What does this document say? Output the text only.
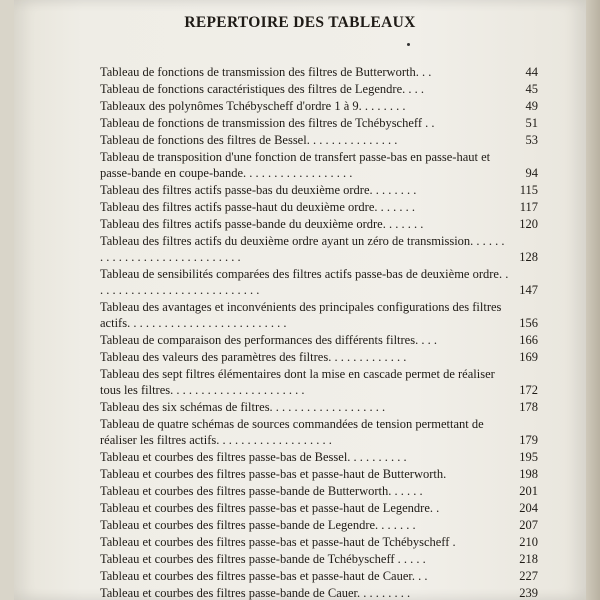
REPERTOIRE DES TABLEAUX
Tableau de fonctions de transmission des filtres de Butterworth. . .	44
Tableau de fonctions caractéristiques des filtres de Legendre. . . .	45
Tableaux des polynômes Tchébyscheff d'ordre 1 à 9. . . . . . . .	49
Tableau de fonctions de transmission des filtres de Tchébyscheff . .	51
Tableau de fonctions des filtres de Bessel. . . . . . . . . . . . . . .	53
Tableau de transposition d'une fonction de transfert passe-bas en passe-haut et passe-bande en coupe-bande. . . . . . . . . . . . . . . . . .	94
Tableau des filtres actifs passe-bas du deuxième ordre. . . . . . . .	115
Tableau des filtres actifs passe-haut du deuxième ordre. . . . . . .	117
Tableau des filtres actifs passe-bande du deuxième ordre. . . . . . .	120
Tableau des filtres actifs du deuxième ordre ayant un zéro de transmission. . . . . . . . . . . . . . . . . . . . . . . . . . . . .	128
Tableau de sensibilités comparées des filtres actifs passe-bas de deuxième ordre. . . . . . . . . . . . . . . . . . . . . . . . . . . .	147
Tableau des avantages et inconvénients des principales configurations des filtres actifs. . . . . . . . . . . . . . . . . . . . . . . . . .	156
Tableau de comparaison des performances des différents filtres. . . .	166
Tableau des valeurs des paramètres des filtres. . . . . . . . . . . . .	169
Tableau des sept filtres élémentaires dont la mise en cascade permet de réaliser tous les filtres. . . . . . . . . . . . . . . . . . . . . .	172
Tableau des six schémas de filtres. . . . . . . . . . . . . . . . . . .	178
Tableau de quatre schémas de sources commandées de tension permettant de réaliser les filtres actifs. . . . . . . . . . . . . . . . . . .	179
Tableau et courbes des filtres passe-bas de Bessel. . . . . . . . . .	195
Tableau et courbes des filtres passe-bas et passe-haut de Butterworth.	198
Tableau et courbes des filtres passe-bande de Butterworth. . . . . .	201
Tableau et courbes des filtres passe-bas et passe-haut de Legendre. .	204
Tableau et courbes des filtres passe-bande de Legendre. . . . . . .	207
Tableau et courbes des filtres passe-bas et passe-haut de Tchébyscheff .	210
Tableau et courbes des filtres passe-bande de Tchébyscheff . . . . .	218
Tableau et courbes des filtres passe-bas et passe-haut de Cauer. . .	227
Tableau et courbes des filtres passe-bande de Cauer. . . . . . . . .	239
